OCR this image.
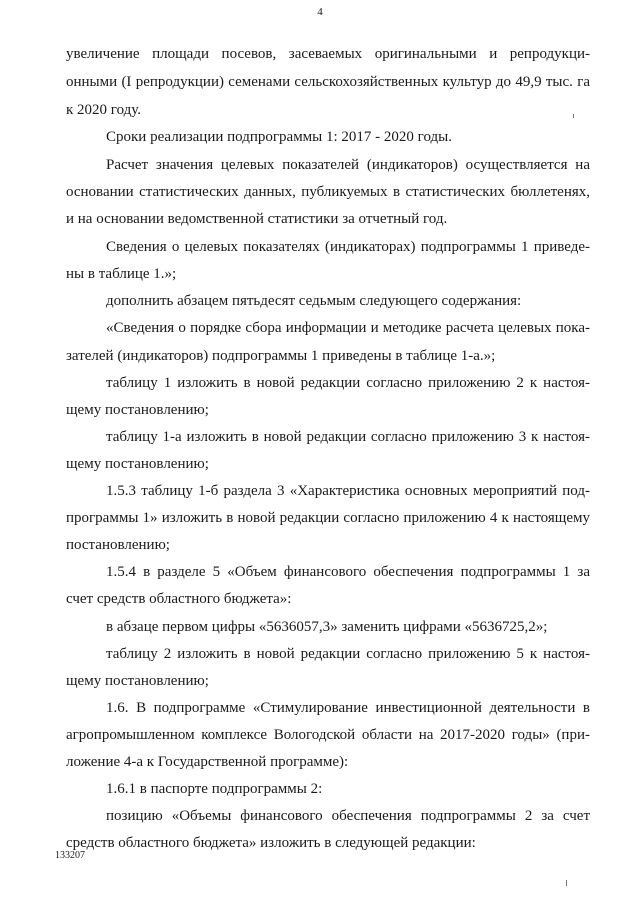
4
увеличение площади посевов, засеваемых оригинальными и репродукци-
онными (I репродукции) семенами сельскохозяйственных культур до 49,9 тыс. га
к 2020 году.
Сроки реализации подпрограммы 1: 2017 - 2020 годы.
Расчет значения целевых показателей (индикаторов) осуществляется на
основании статистических данных, публикуемых в статистических бюллетенях,
и на основании ведомственной статистики за отчетный год.
Сведения о целевых показателях (индикаторах) подпрограммы 1 приведе-
ны в таблице 1.»;
дополнить абзацем пятьдесят седьмым следующего содержания:
«Сведения о порядке сбора информации и методике расчета целевых пока-
зателей (индикаторов) подпрограммы 1 приведены в таблице 1-а.»;
таблицу 1 изложить в новой редакции согласно приложению 2 к настоя-
щему постановлению;
таблицу 1-а изложить в новой редакции согласно приложению 3 к настоя-
щему постановлению;
1.5.3 таблицу 1-б раздела 3 «Характеристика основных мероприятий под-
программы 1» изложить в новой редакции согласно приложению 4 к настоящему
постановлению;
1.5.4 в разделе 5 «Объем финансового обеспечения подпрограммы 1 за
счет средств областного бюджета»:
в абзаце первом цифры «5636057,3» заменить цифрами «5636725,2»;
таблицу 2 изложить в новой редакции согласно приложению 5 к настоя-
щему постановлению;
1.6. В подпрограмме «Стимулирование инвестиционной деятельности в
агропромышленном комплексе Вологодской области на 2017-2020 годы» (при-
ложение 4-а к Государственной программе):
1.6.1 в паспорте подпрограммы 2:
позицию «Объемы финансового обеспечения подпрограммы 2 за счет
средств областного бюджета» изложить в следующей редакции:
133207
